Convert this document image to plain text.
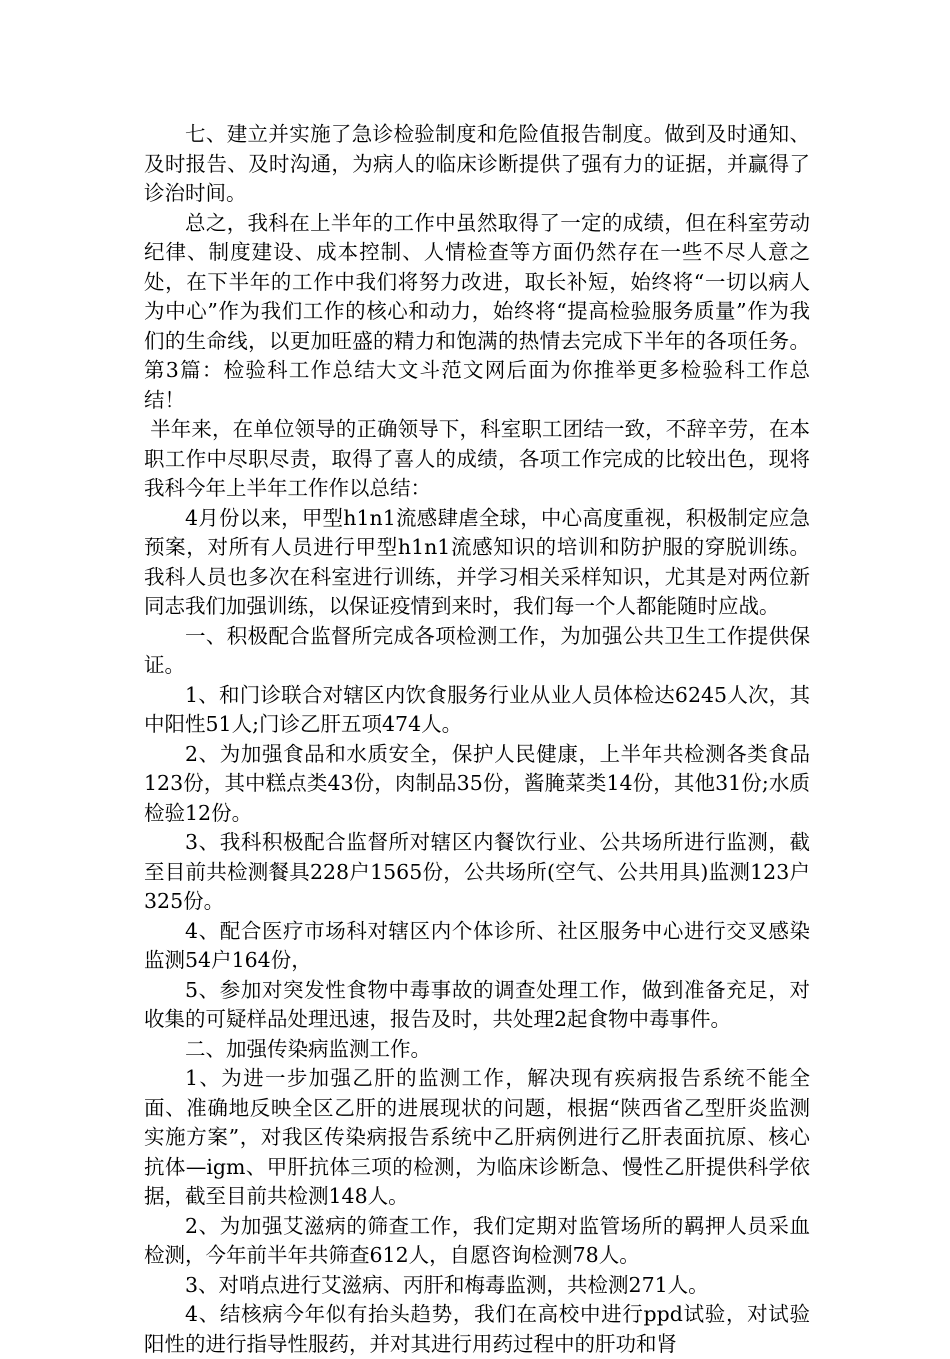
七、建立并实施了急诊检验制度和危险值报告制度。做到及时通知、及时报告、及时沟通，为病人的临床诊断提供了强有力的证据，并赢得了诊治时间。

总之，我科在上半年的工作中虽然取得了一定的成绩，但在科室劳动纪律、制度建设、成本控制、人情检查等方面仍然存在一些不尽人意之处，在下半年的工作中我们将努力改进，取长补短，始终将“一切以病人为中心”作为我们工作的核心和动力，始终将“提高检验服务质量”作为我们的生命线，以更加旺盛的精力和饱满的热情去完成下半年的各项任务。第3篇：检验科工作总结大文斗范文网后面为你推举更多检验科工作总结！

半年来，在单位领导的正确领导下，科室职工团结一致，不辞辛劳，在本职工作中尽职尽责，取得了喜人的成绩，各项工作完成的比较出色，现将我科今年上半年工作作以总结：

4月份以来，甲型h1n1流感肆虐全球，中心高度重视，积极制定应急预案，对所有人员进行甲型h1n1流感知识的培训和防护服的穿脱训练。我科人员也多次在科室进行训练，并学习相关采样知识，尤其是对两位新同志我们加强训练，以保证疫情到来时，我们每一个人都能随时应战。

一、积极配合监督所完成各项检测工作，为加强公共卫生工作提供保证。

1、和门诊联合对辖区内饮食服务行业从业人员体检达6245人次，其中阳性51人;门诊乙肝五项474人。

2、为加强食品和水质安全，保护人民健康，上半年共检测各类食品123份，其中糕点类43份，肉制品35份，酱腌菜类14份，其他31份;水质检验12份。

3、我科积极配合监督所对辖区内餐饮行业、公共场所进行监测，截至目前共检测餐具228户1565份，公共场所(空气、公共用具)监测123户325份。

4、配合医疗市场科对辖区内个体诊所、社区服务中心进行交叉感染监测54户164份，

5、参加对突发性食物中毒事故的调查处理工作，做到准备充足，对收集的可疑样品处理迅速，报告及时，共处理2起食物中毒事件。

二、加强传染病监测工作。

1、为进一步加强乙肝的监测工作，解决现有疾病报告系统不能全面、准确地反映全区乙肝的进展现状的问题，根据“陕西省乙型肝炎监测实施方案”，对我区传染病报告系统中乙肝病例进行乙肝表面抗原、核心抗体—igm、甲肝抗体三项的检测，为临床诊断急、慢性乙肝提供科学依据，截至目前共检测148人。

2、为加强艾滋病的筛查工作，我们定期对监管场所的羁押人员采血检测，今年前半年共筛查612人，自愿咨询检测78人。

3、对哨点进行艾滋病、丙肝和梅毒监测，共检测271人。

4、结核病今年似有抬头趋势，我们在高校中进行ppd试验，对试验阳性的进行指导性服药，并对其进行用药过程中的肝功和肾
